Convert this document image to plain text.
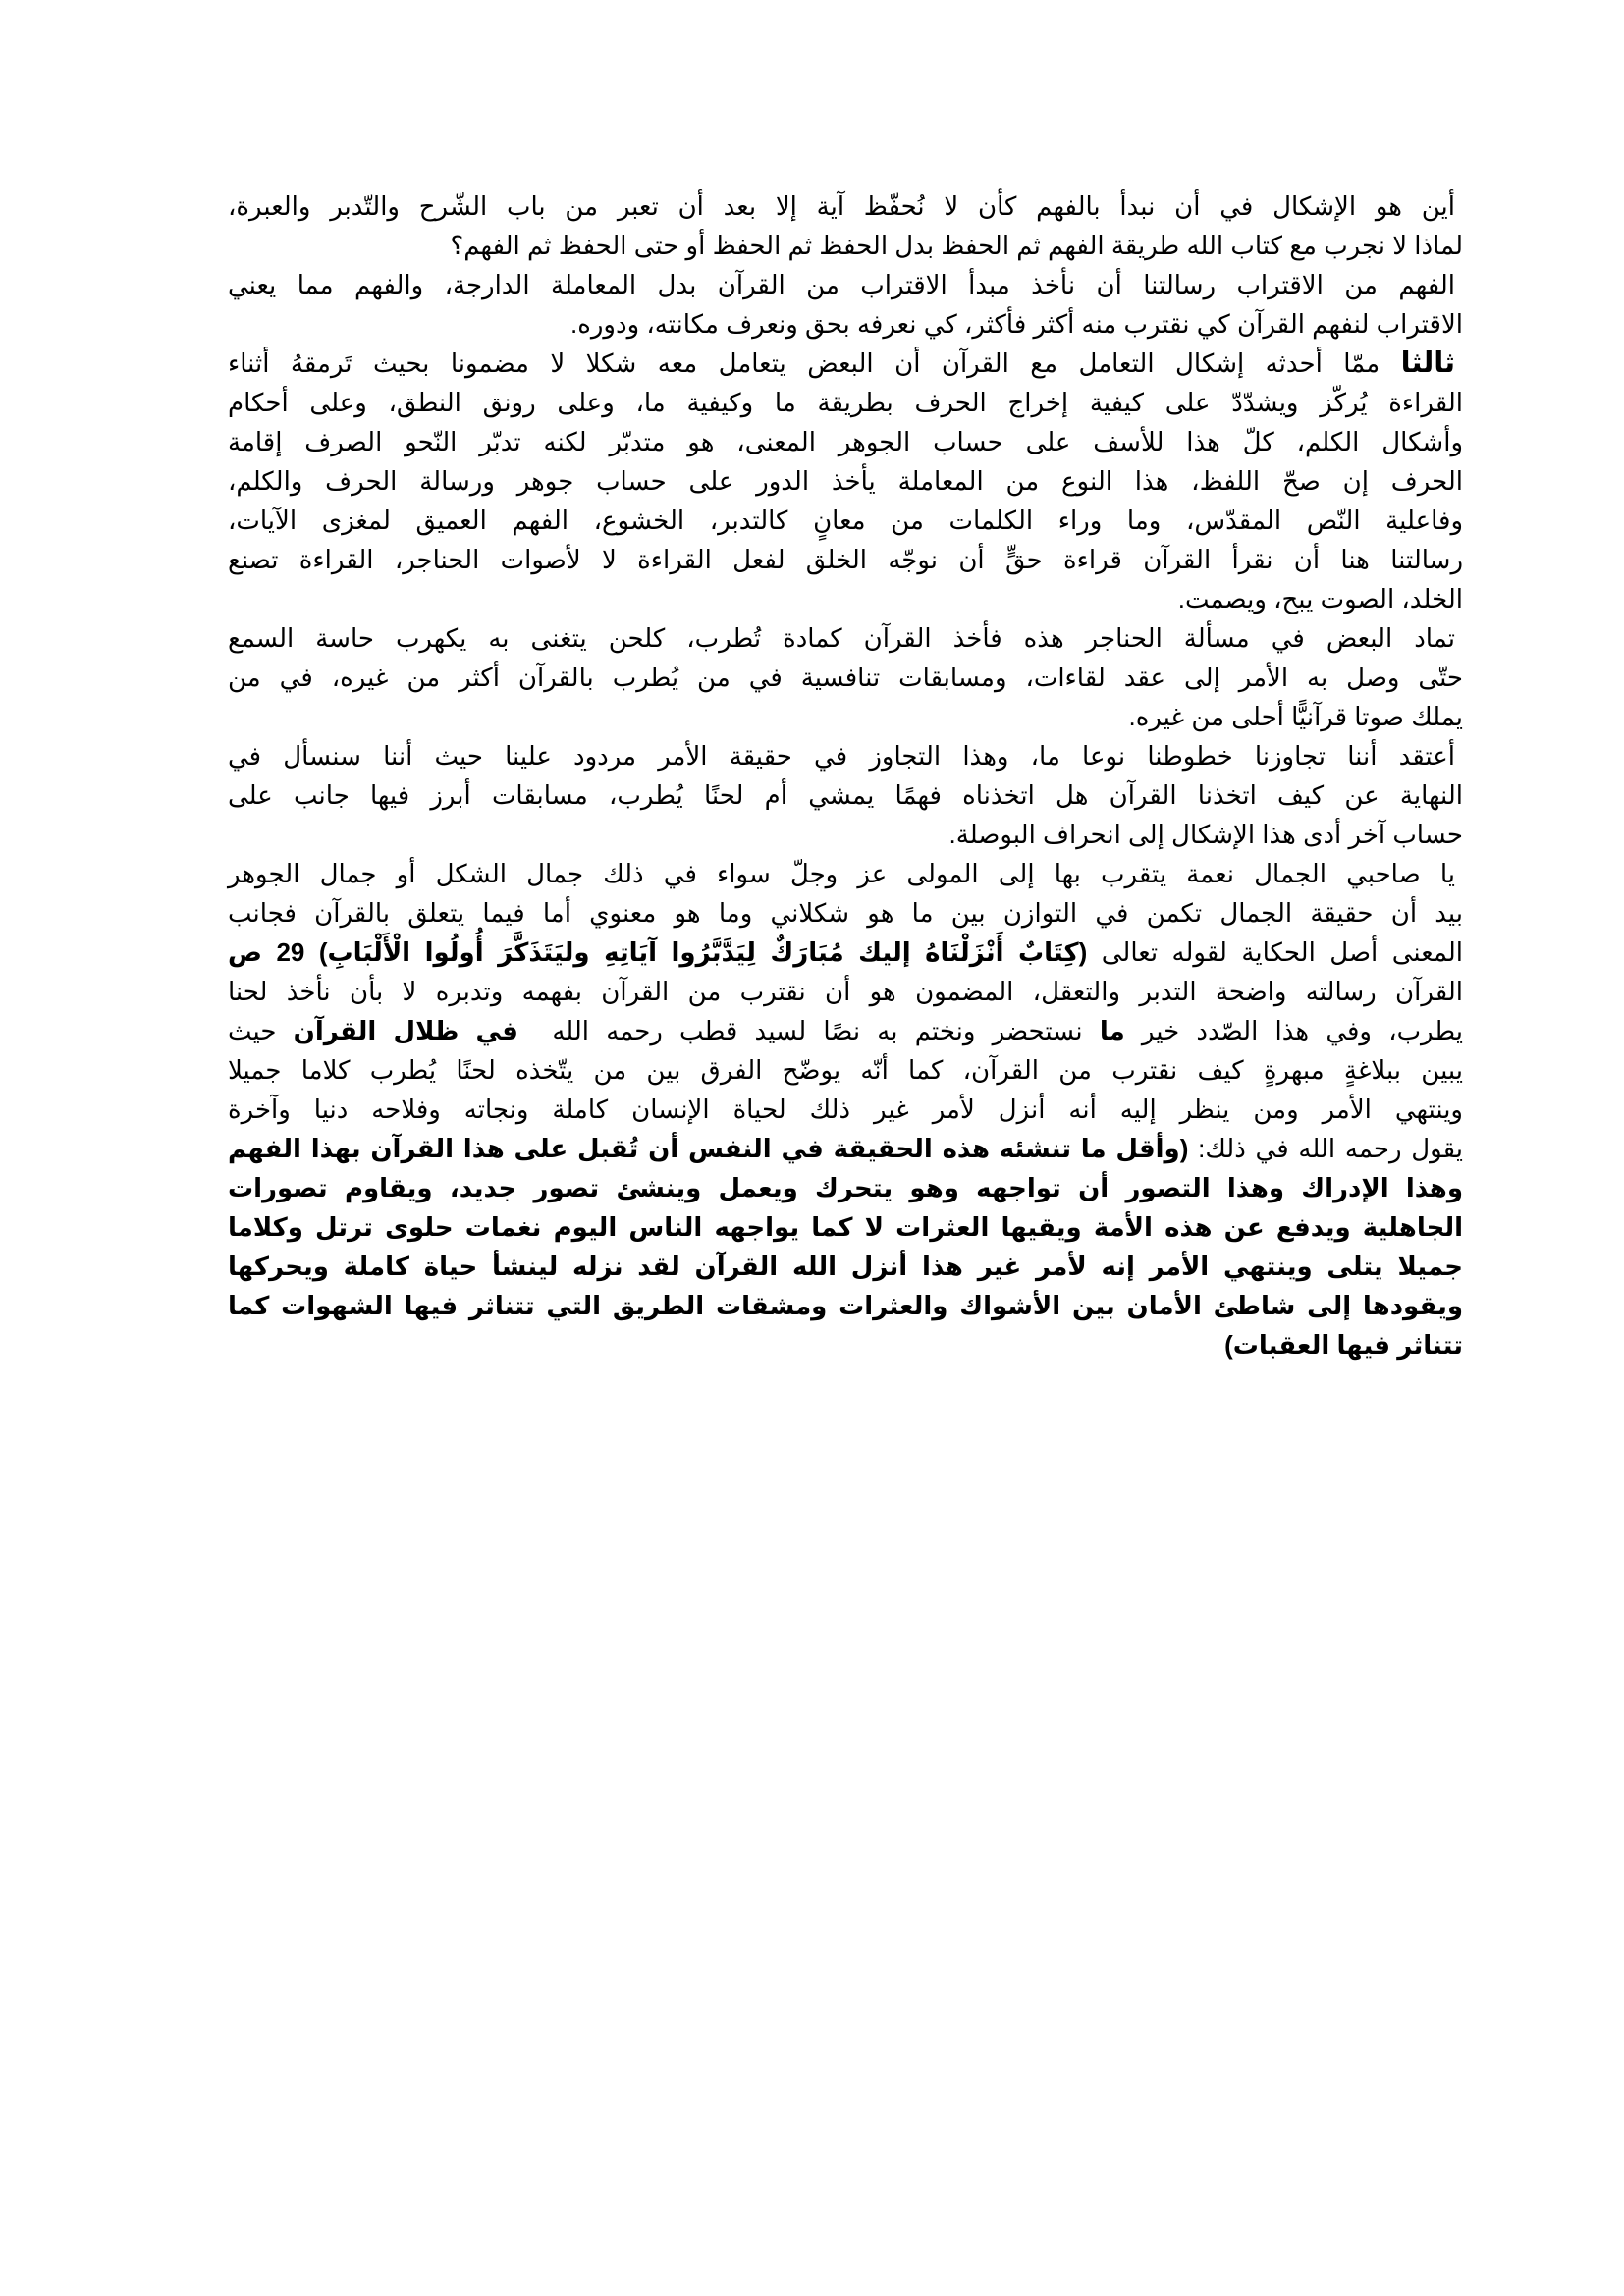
أين هو الإشكال في أن نبدأ بالفهم كأن لا نُحفّظ آية إلا بعد أن تعبر من باب الشّرح والتّدبر والعبرة،
لماذا لا نجرب مع كتاب الله طريقة الفهم ثم الحفظ بدل الحفظ ثم الحفظ أو حتى الحفظ ثم الفهم؟
الفهم من الاقتراب رسالتنا أن نأخذ مبدأ الاقتراب من القرآن بدل المعاملة الدارجة، والفهم مما يعني
الاقتراب لنفهم القرآن كي نقترب منه أكثر فأكثر، كي نعرفه بحق ونعرف مكانته، ودوره.
ثالثا ممّا أحدثه إشكال التعامل مع القرآن أن البعض يتعامل معه شكلا لا مضمونا بحيث تَرمقهُ أثناء
القراءة يُركّز ويشدّدّ على كيفية إخراج الحرف بطريقة ما وكيفية ما، وعلى رونق النطق، وعلى أحكام
وأشكال الكلم، كلّ هذا للأسف على حساب الجوهر المعنى، هو متدبّر لكنه تدبّر النّحو الصرف إقامة
الحرف إن صحّ اللفظ، هذا النوع من المعاملة يأخذ الدور على حساب جوهر ورسالة الحرف والكلم،
وفاعلية النّص المقدّس، وما وراء الكلمات من معانٍ كالتدبر، الخشوع، الفهم العميق لمغزى الآيات،
رسالتنا هنا أن نقرأ القرآن قراءة حقٍّ أن نوجّه الخلق لفعل القراءة لا لأصوات الحناجر، القراءة تصنع
الخلد، الصوت يبح، ويصمت.
تماد البعض في مسألة الحناجر هذه فأخذ القرآن كمادة تُطرب، كلحن يتغنى به يكهرب حاسة السمع
حتّى وصل به الأمر إلى عقد لقاءات، ومسابقات تنافسية في من يُطرب بالقرآن أكثر من غيره، في من
يملك صوتا قرآنيًّا أحلى من غيره.
أعتقد أننا تجاوزنا خطوطنا نوعا ما، وهذا التجاوز في حقيقة الأمر مردود علينا حيث أننا سنسأل في
النهاية عن كيف اتخذنا القرآن هل اتخذناه فهمًا يمشي أم لحنًا يُطرب، مسابقات أبرز فيها جانب على
حساب آخر أدى هذا الإشكال إلى انحراف البوصلة.
يا صاحبي الجمال نعمة يتقرب بها إلى المولى عز وجلّ سواء في ذلك جمال الشكل أو جمال الجوهر
بيد أن حقيقة الجمال تكمن في التوازن بين ما هو شكلاني وما هو معنوي أما فيما يتعلق بالقرآن فجانب
المعنى أصل الحكاية لقوله تعالى (كِتَابٌ أَنْزَلْنَاهُ إليك مُبَارَكٌ لِيَدَّبَّرُوا آيَاتِهِ وليَتَذَكَّرَ أُولُوا الْأَلْبَابِ) 29 ص
القرآن رسالته واضحة التدبر والتعقل، المضمون هو أن نقترب من القرآن بفهمه وتدبره لا بأن نأخذ لحنا
يطرب، وفي هذا الصّدد خير ما نستحضر ونختم به نصًا لسيد قطب رحمه الله  في ظلال القرآن حيث
يبين ببلاغةٍ مبهرةٍ كيف نقترب من القرآن، كما أنّه يوضّح الفرق بين من يتّخذه لحنًا يُطرب كلاما جميلا
وينتهي الأمر ومن ينظر إليه أنه أنزل لأمر غير ذلك لحياة الإنسان كاملة ونجاته وفلاحه دنيا وآخرة
يقول رحمه الله في ذلك: (وأقل ما تنشئه هذه الحقيقة في النفس أن تُقبل على هذا القرآن بهذا الفهم
وهذا الإدراك وهذا التصور أن تواجهه وهو يتحرك ويعمل وينشئ تصور جديد، ويقاوم تصورات
الجاهلية ويدفع عن هذه الأمة ويقيها العثرات لا كما يواجهه الناس اليوم نغمات حلوى ترتل وكلاما
جميلا يتلى وينتهي الأمر إنه لأمر غير هذا أنزل الله القرآن لقد نزله لينشأ حياة كاملة ويحركها
ويقودها إلى شاطئ الأمان بين الأشواك والعثرات ومشقات الطريق التي تتناثر فيها الشهوات كما
تتناثر فيها العقبات)
